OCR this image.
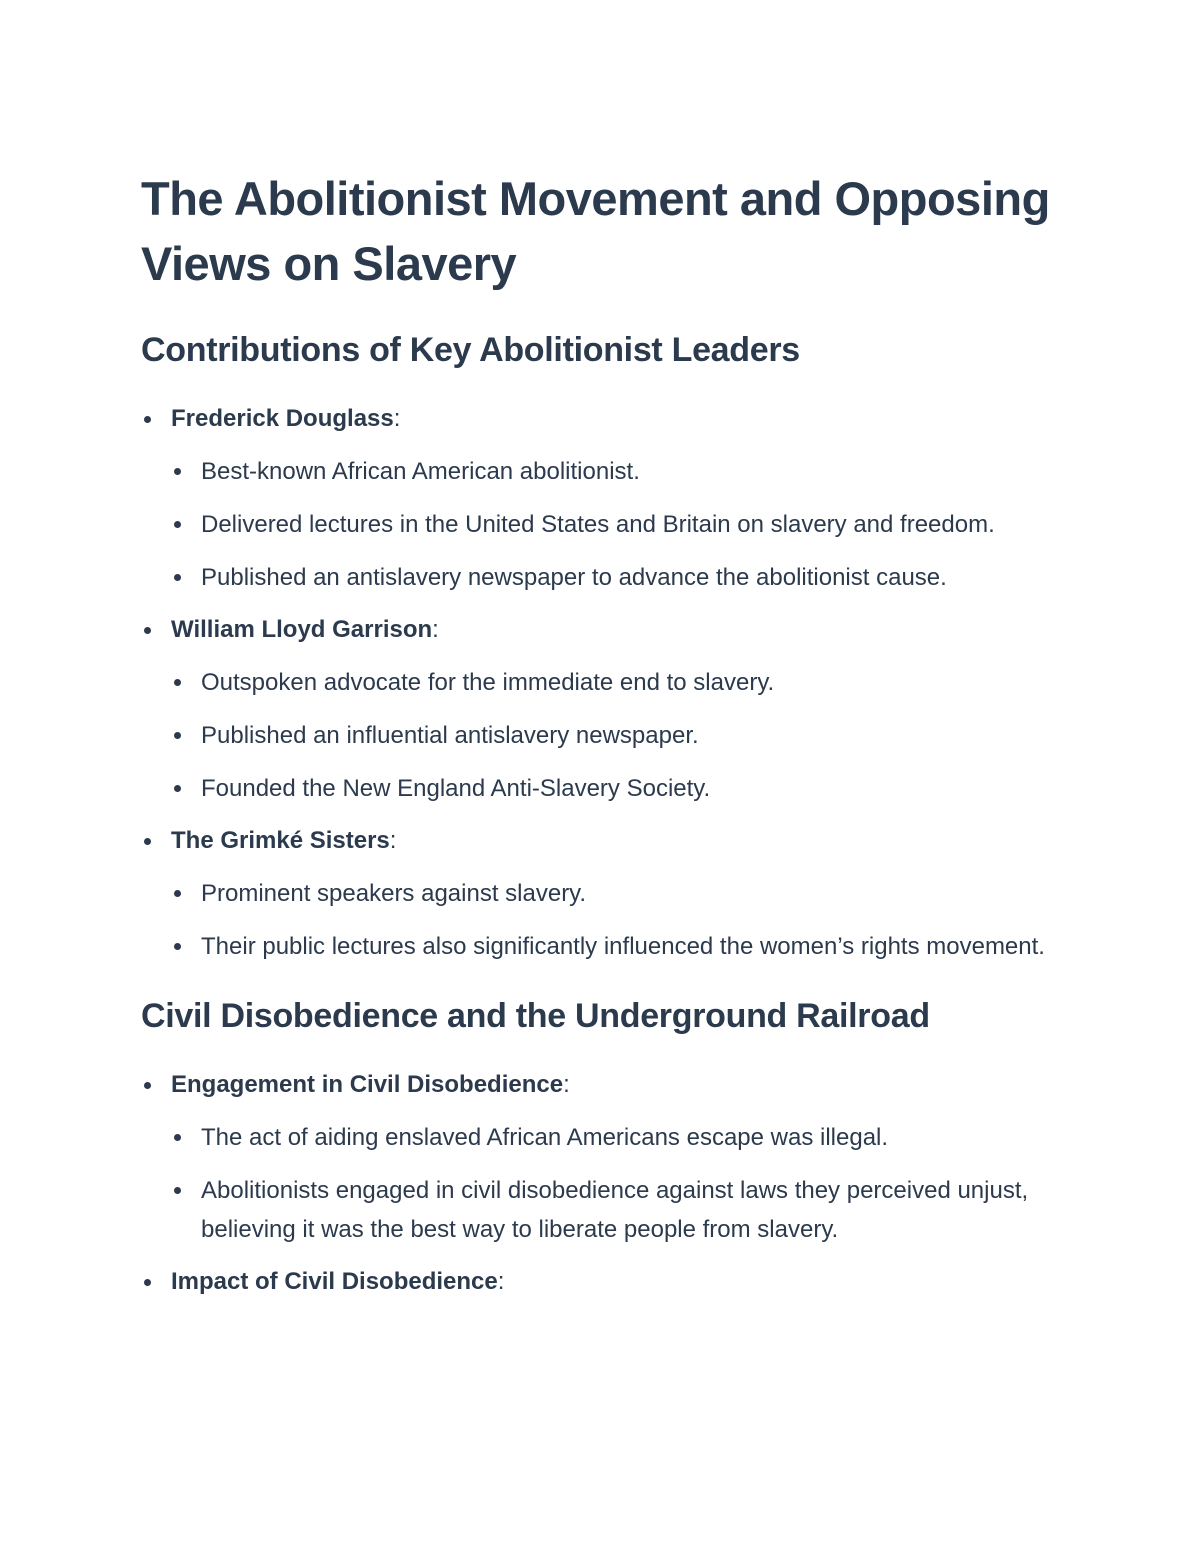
The Abolitionist Movement and Opposing Views on Slavery
Contributions of Key Abolitionist Leaders
Frederick Douglass:
Best-known African American abolitionist.
Delivered lectures in the United States and Britain on slavery and freedom.
Published an antislavery newspaper to advance the abolitionist cause.
William Lloyd Garrison:
Outspoken advocate for the immediate end to slavery.
Published an influential antislavery newspaper.
Founded the New England Anti-Slavery Society.
The Grimké Sisters:
Prominent speakers against slavery.
Their public lectures also significantly influenced the women’s rights movement.
Civil Disobedience and the Underground Railroad
Engagement in Civil Disobedience:
The act of aiding enslaved African Americans escape was illegal.
Abolitionists engaged in civil disobedience against laws they perceived unjust, believing it was the best way to liberate people from slavery.
Impact of Civil Disobedience:
